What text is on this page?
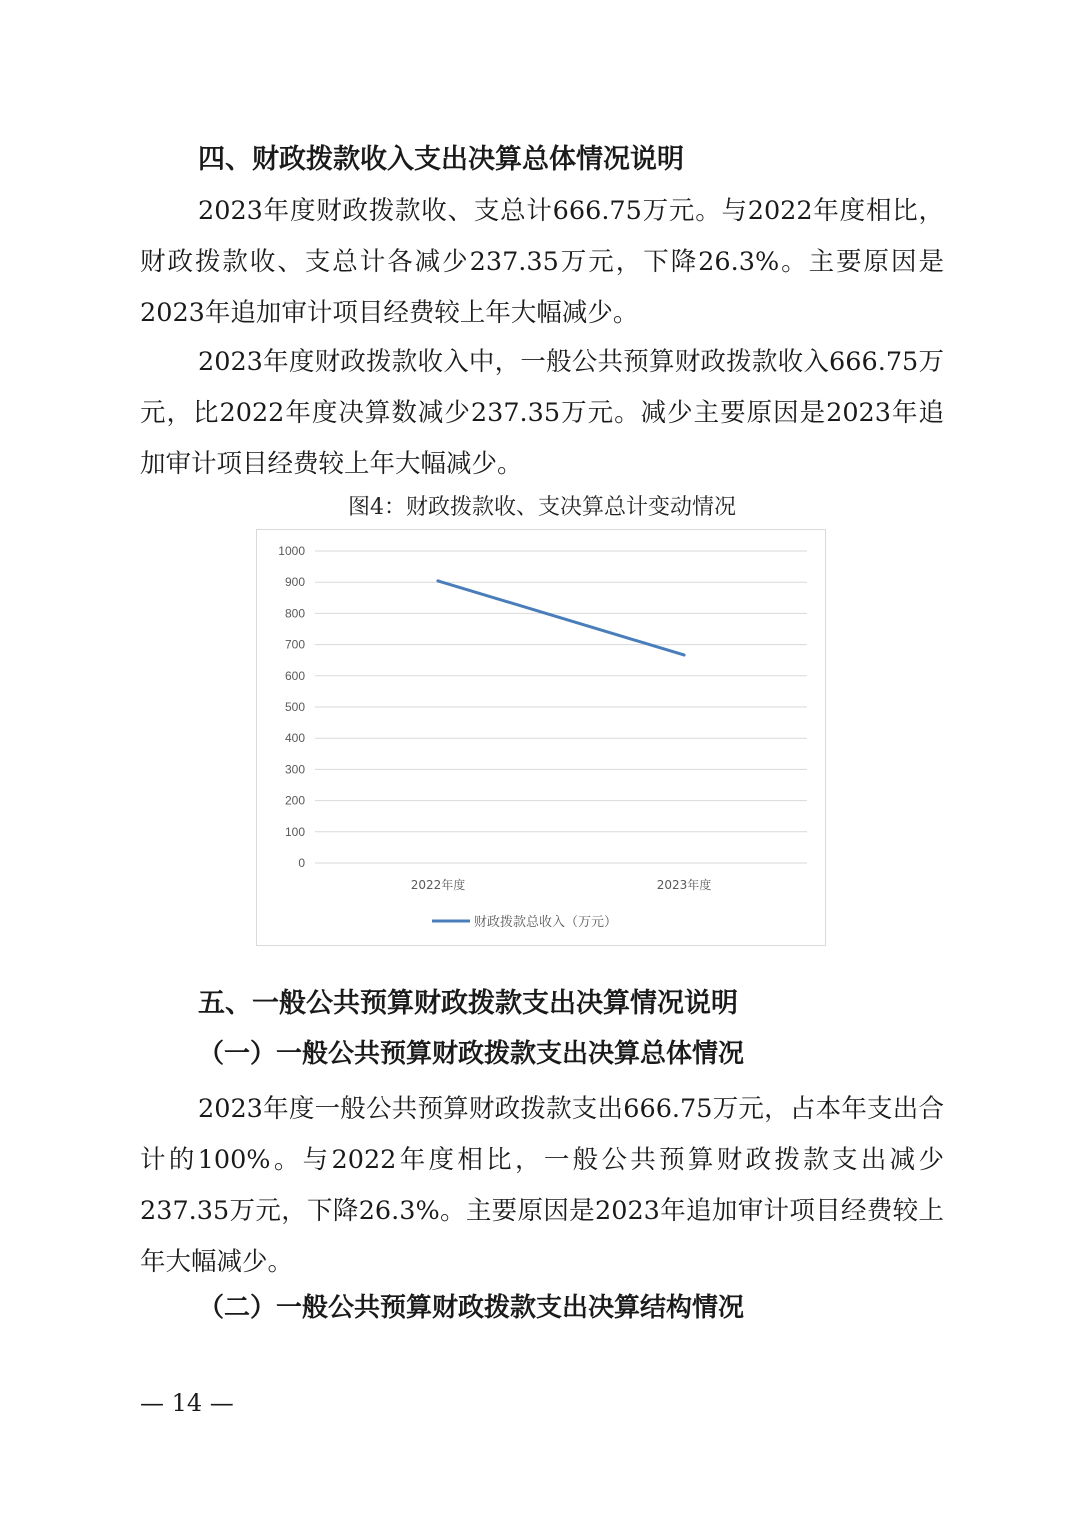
四、财政拨款收入支出决算总体情况说明

2023年度财政拨款收、支总计666.75万元。与2022年度相比，财政拨款收、支总计各减少237.35万元，下降26.3%。主要原因是2023年追加审计项目经费较上年大幅减少。

2023年度财政拨款收入中，一般公共预算财政拨款收入666.75万元，比2022年度决算数减少237.35万元。减少主要原因是2023年追加审计项目经费较上年大幅减少。

图4：财政拨款收、支决算总计变动情况
0
100
200
300
400
500
600
700
800
900
1000
2022年度	2023年度
财政拨款总收入（万元）
五、一般公共预算财政拨款支出决算情况说明
（一）一般公共预算财政拨款支出决算总体情况

2023年度一般公共预算财政拨款支出666.75万元，占本年支出合计的100%。与2022年度相比，一般公共预算财政拨款支出减少237.35万元，下降26.3%。主要原因是2023年追加审计项目经费较上年大幅减少。

（二）一般公共预算财政拨款支出决算结构情况
— 14 —
